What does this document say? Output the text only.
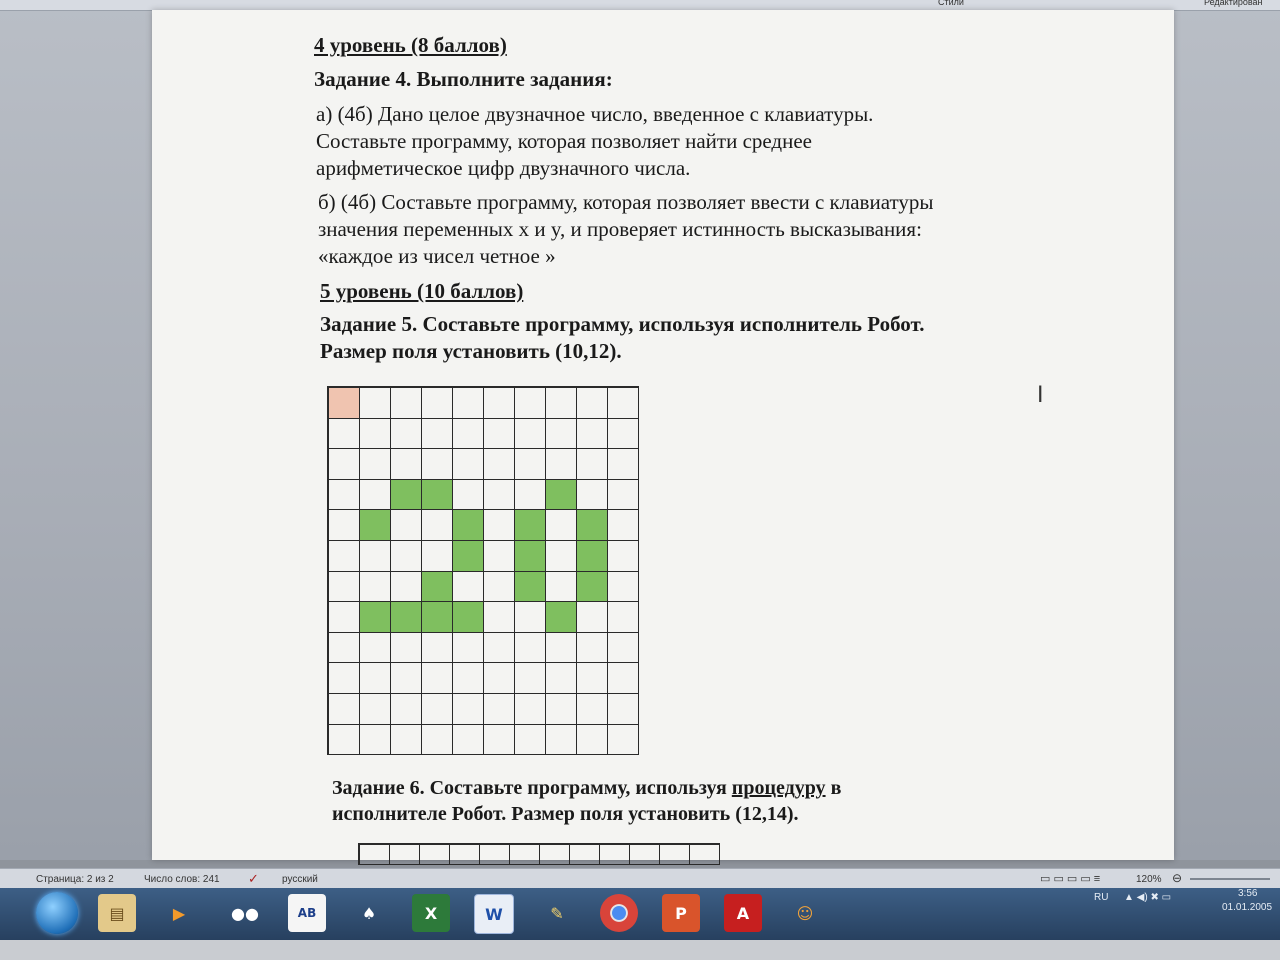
Стили	Редактирован
4 уровень (8 баллов)
Задание 4. Выполните задания:
а) (4б) Дано целое двузначное число, введенное с клавиатуры.
Составьте программу, которая позволяет найти среднее
арифметическое цифр двузначного числа.
б) (4б) Составьте программу, которая позволяет ввести с клавиатуры
значения переменных x и y, и проверяет истинность высказывания:
«каждое из чисел четное »
5 уровень (10 баллов)
Задание 5. Составьте программу, используя исполнитель Робот.
Размер поля установить (10,12).
I
Задание 6. Составьте программу, используя процедуру в
исполнителе Робот. Размер поля установить (12,14).
Страница: 2 из 2	Число слов: 241 ✓ русский	▭ ▭ ▭ ▭ ≡	120% ⊖
▤	▶	●●	AB	♠	X	W	✎	P	A	☺
RU ▲ ◀) ✖ ▭	3:56
01.01.2005
